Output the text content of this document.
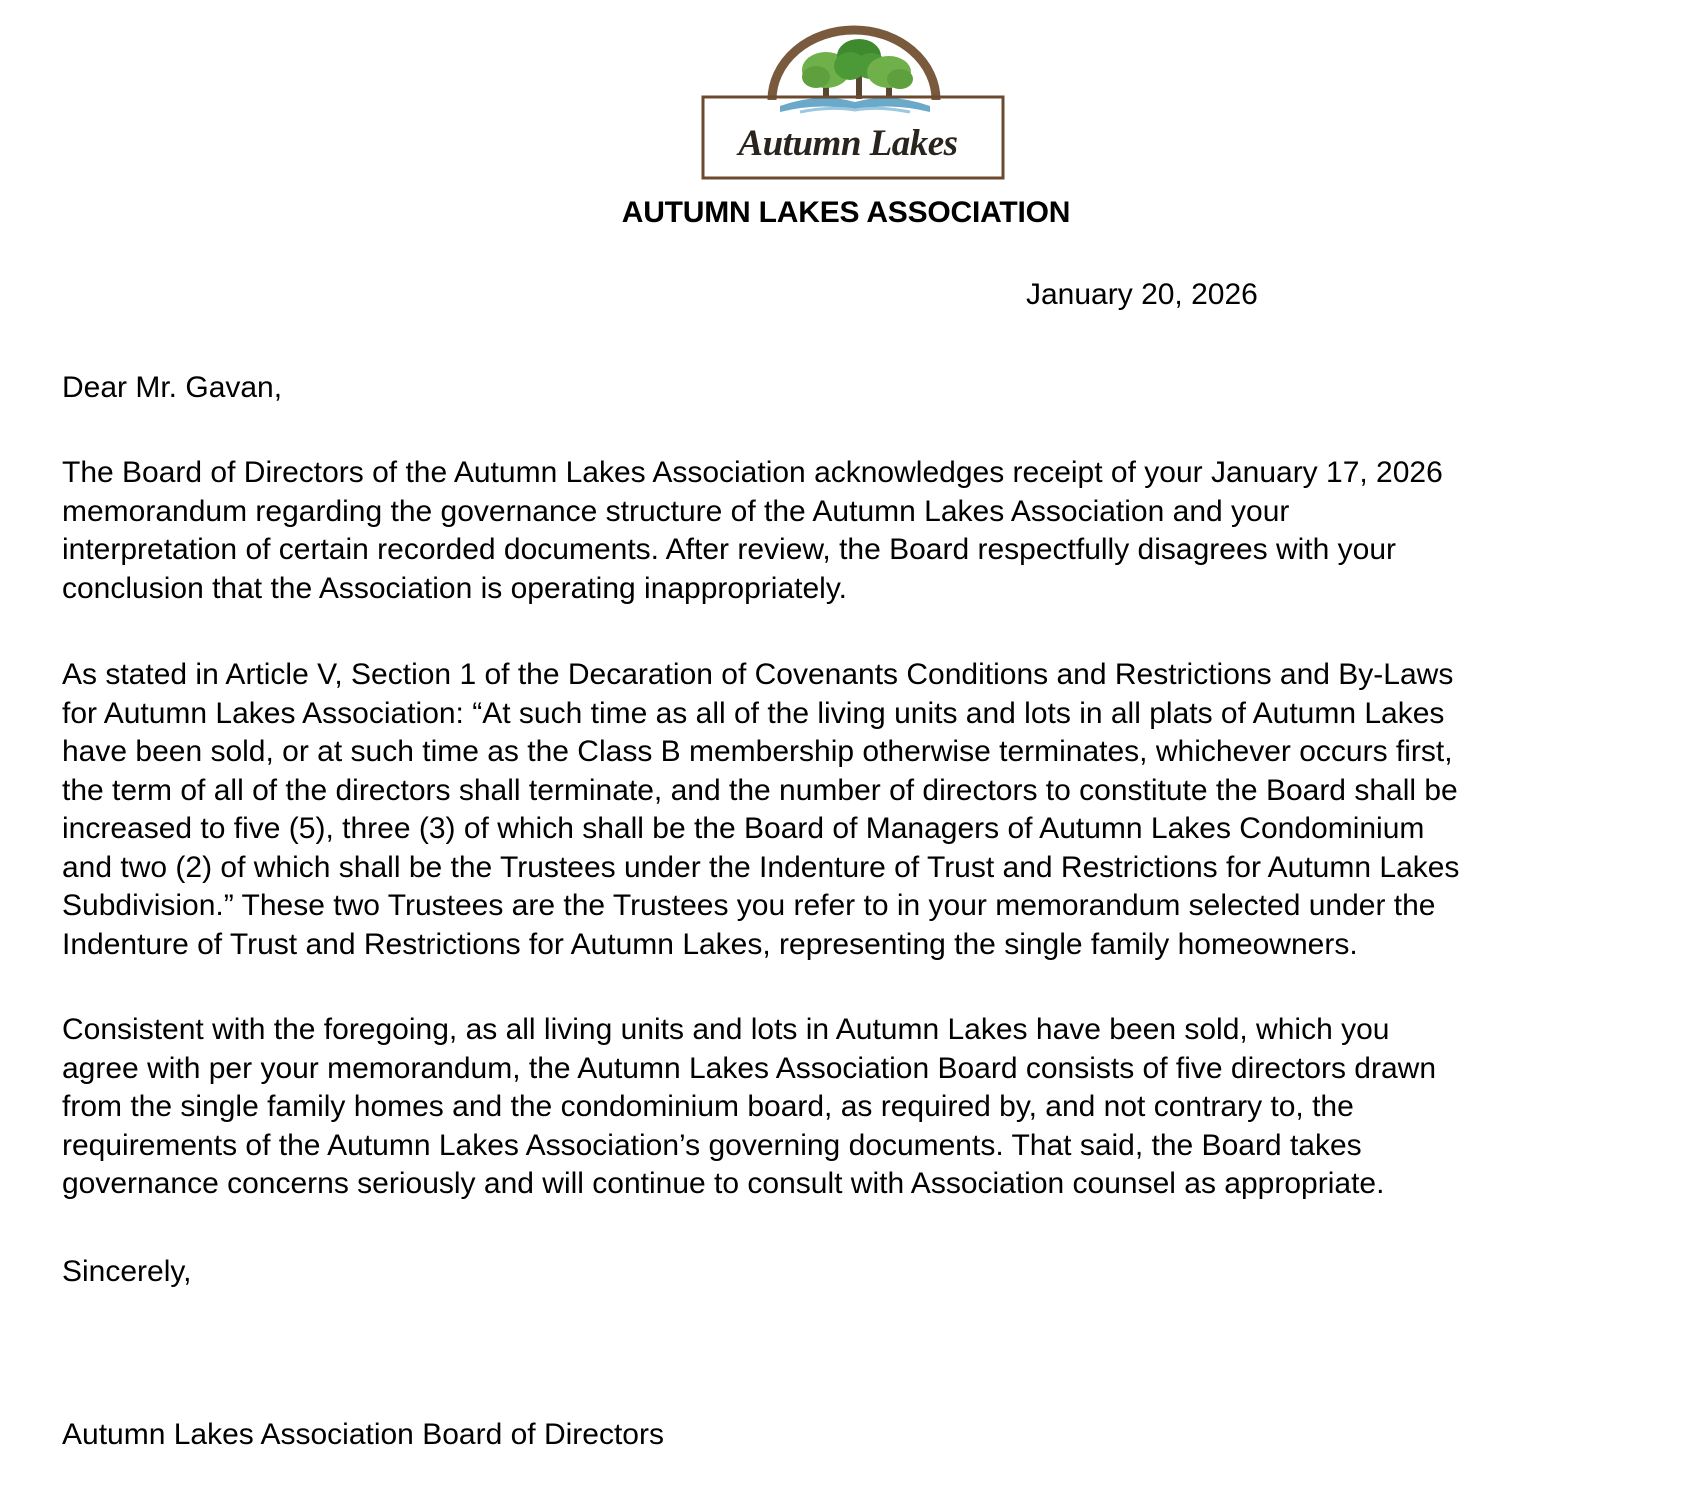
Autumn Lakes
AUTUMN LAKES ASSOCIATION
January 20, 2026

Dear Mr. Gavan,

The Board of Directors of the Autumn Lakes Association acknowledges receipt of your January 17, 2026
memorandum regarding the governance structure of the Autumn Lakes Association and your
interpretation of certain recorded documents. After review, the Board respectfully disagrees with your
conclusion that the Association is operating inappropriately.

As stated in Article V, Section 1 of the Decaration of Covenants Conditions and Restrictions and By-Laws
for Autumn Lakes Association: “At such time as all of the living units and lots in all plats of Autumn Lakes
have been sold, or at such time as the Class B membership otherwise terminates, whichever occurs first,
the term of all of the directors shall terminate, and the number of directors to constitute the Board shall be
increased to five (5), three (3) of which shall be the Board of Managers of Autumn Lakes Condominium
and two (2) of which shall be the Trustees under the Indenture of Trust and Restrictions for Autumn Lakes
Subdivision.” These two Trustees are the Trustees you refer to in your memorandum selected under the
Indenture of Trust and Restrictions for Autumn Lakes, representing the single family homeowners.

Consistent with the foregoing, as all living units and lots in Autumn Lakes have been sold, which you
agree with per your memorandum, the Autumn Lakes Association Board consists of five directors drawn
from the single family homes and the condominium board, as required by, and not contrary to, the
requirements of the Autumn Lakes Association’s governing documents. That said, the Board takes
governance concerns seriously and will continue to consult with Association counsel as appropriate.

Sincerely,

Autumn Lakes Association Board of Directors
